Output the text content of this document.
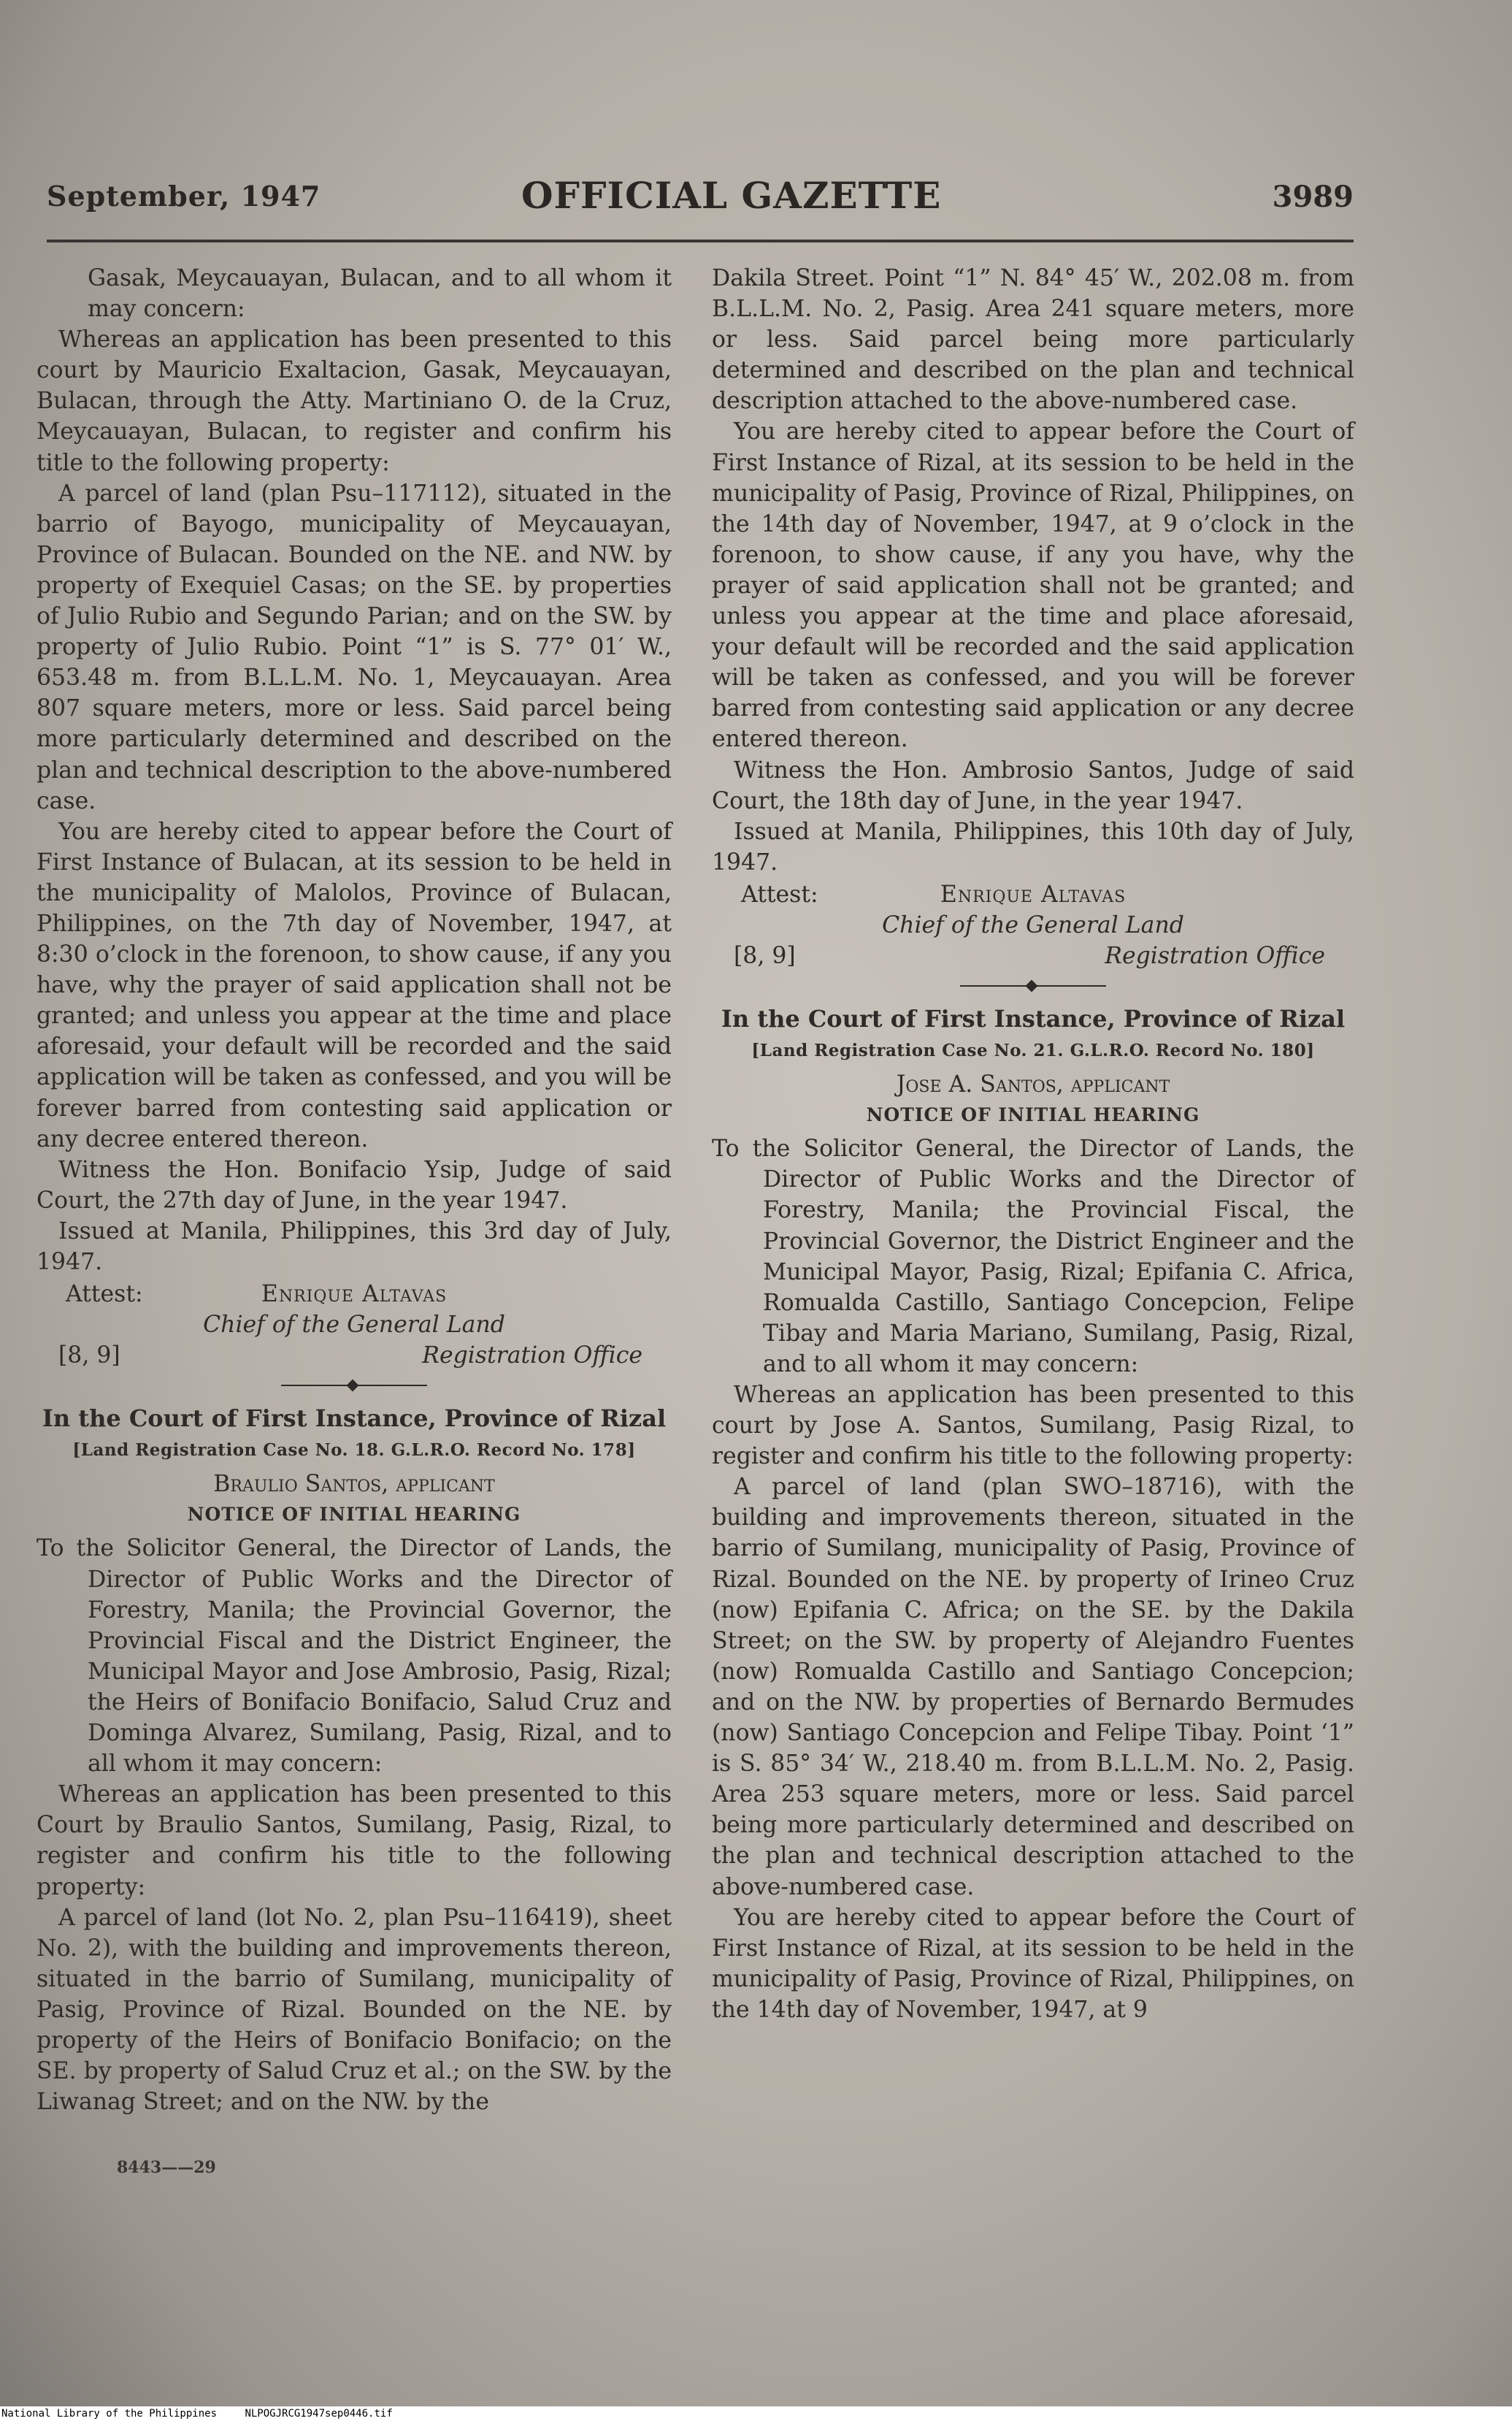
September, 1947	OFFICIAL GAZETTE	3989

Gasak, Meycauayan, Bulacan, and to all whom it may concern:

Whereas an application has been presented to this court by Mauricio Exaltacion, Gasak, Meycauayan, Bulacan, through the Atty. Martiniano O. de la Cruz, Meycauayan, Bulacan, to register and confirm his title to the following property:

A parcel of land (plan Psu–117112), situated in the barrio of Bayogo, municipality of Meycauayan, Province of Bulacan. Bounded on the NE. and NW. by property of Exequiel Casas; on the SE. by properties of Julio Rubio and Segundo Parian; and on the SW. by property of Julio Rubio. Point “1” is S. 77° 01′ W., 653.48 m. from B.L.L.M. No. 1, Meycauayan. Area 807 square meters, more or less. Said parcel being more particularly determined and described on the plan and technical description to the above-numbered case.

You are hereby cited to appear before the Court of First Instance of Bulacan, at its session to be held in the municipality of Malolos, Province of Bulacan, Philippines, on the 7th day of November, 1947, at 8:30 o’clock in the forenoon, to show cause, if any you have, why the prayer of said application shall not be granted; and unless you appear at the time and place aforesaid, your default will be recorded and the said application will be taken as confessed, and you will be forever barred from contesting said application or any decree entered thereon.

Witness the Hon. Bonifacio Ysip, Judge of said Court, the 27th day of June, in the year 1947.

Issued at Manila, Philippines, this 3rd day of July, 1947.

Attest:	Enrique Altavas
Chief of the General Land
[8, 9]	Registration Office
In the Court of First Instance, Province of Rizal
[Land Registration Case No. 18. G.L.R.O. Record No. 178]
Braulio Santos, applicant
NOTICE OF INITIAL HEARING

To the Solicitor General, the Director of Lands, the Director of Public Works and the Director of Forestry, Manila; the Provincial Governor, the Provincial Fiscal and the District Engineer, the Municipal Mayor and Jose Ambrosio, Pasig, Rizal; the Heirs of Bonifacio Bonifacio, Salud Cruz and Dominga Alvarez, Sumilang, Pasig, Rizal, and to all whom it may concern:

Whereas an application has been presented to this Court by Braulio Santos, Sumilang, Pasig, Rizal, to register and confirm his title to the following property:

A parcel of land (lot No. 2, plan Psu–116419), sheet No. 2), with the building and improvements thereon, situated in the barrio of Sumilang, municipality of Pasig, Province of Rizal. Bounded on the NE. by property of the Heirs of Bonifacio Bonifacio; on the SE. by property of Salud Cruz et al.; on the SW. by the Liwanag Street; and on the NW. by the

8443——29

Dakila Street. Point “1” N. 84° 45′ W., 202.08 m. from B.L.L.M. No. 2, Pasig. Area 241 square meters, more or less. Said parcel being more particularly determined and described on the plan and technical description attached to the above-numbered case.

You are hereby cited to appear before the Court of First Instance of Rizal, at its session to be held in the municipality of Pasig, Province of Rizal, Philippines, on the 14th day of November, 1947, at 9 o’clock in the forenoon, to show cause, if any you have, why the prayer of said application shall not be granted; and unless you appear at the time and place aforesaid, your default will be recorded and the said application will be taken as confessed, and you will be forever barred from contesting said application or any decree entered thereon.

Witness the Hon. Ambrosio Santos, Judge of said Court, the 18th day of June, in the year 1947.

Issued at Manila, Philippines, this 10th day of July, 1947.

Attest:	Enrique Altavas
Chief of the General Land
[8, 9]	Registration Office
In the Court of First Instance, Province of Rizal
[Land Registration Case No. 21. G.L.R.O. Record No. 180]
Jose A. Santos, applicant
NOTICE OF INITIAL HEARING

To the Solicitor General, the Director of Lands, the Director of Public Works and the Director of Forestry, Manila; the Provincial Fiscal, the Provincial Governor, the District Engineer and the Municipal Mayor, Pasig, Rizal; Epifania C. Africa, Romualda Castillo, Santiago Concepcion, Felipe Tibay and Maria Mariano, Sumilang, Pasig, Rizal, and to all whom it may concern:

Whereas an application has been presented to this court by Jose A. Santos, Sumilang, Pasig Rizal, to register and confirm his title to the following property:

A parcel of land (plan SWO–18716), with the building and improvements thereon, situated in the barrio of Sumilang, municipality of Pasig, Province of Rizal. Bounded on the NE. by property of Irineo Cruz (now) Epifania C. Africa; on the SE. by the Dakila Street; on the SW. by property of Alejandro Fuentes (now) Romualda Castillo and Santiago Concepcion; and on the NW. by properties of Bernardo Bermudes (now) Santiago Concepcion and Felipe Tibay. Point ‘1” is S. 85° 34′ W., 218.40 m. from B.L.L.M. No. 2, Pasig. Area 253 square meters, more or less. Said parcel being more particularly determined and described on the plan and technical description attached to the above-numbered case.

You are hereby cited to appear before the Court of First Instance of Rizal, at its session to be held in the municipality of Pasig, Province of Rizal, Philippines, on the 14th day of November, 1947, at 9

National Library of the Philippines	NLPOGJRCG1947sep0446.tif
